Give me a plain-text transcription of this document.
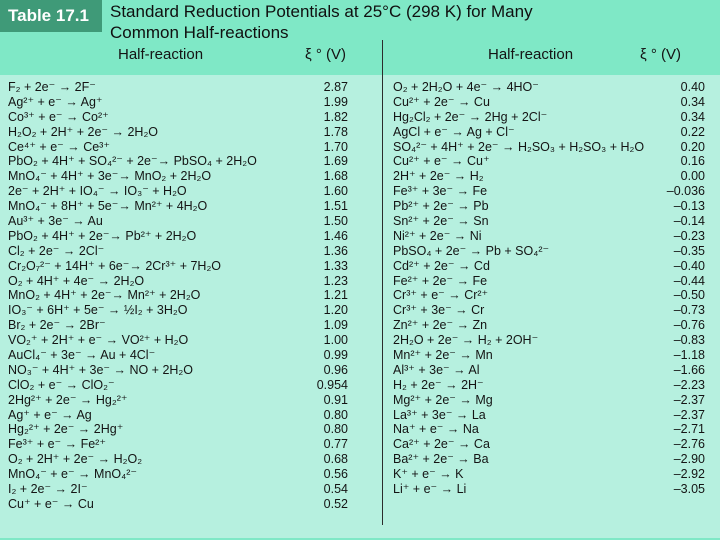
Table 17.1	Standard Reduction Potentials at 25°C (298 K) for Many
Common Half-reactions
Half-reaction	ξ ° (V)	Half-reaction	ξ ° (V)
F₂ + 2e⁻ → 2F⁻	2.87
Ag²⁺ + e⁻ → Ag⁺	1.99
Co³⁺ + e⁻ → Co²⁺	1.82
H₂O₂ + 2H⁺ + 2e⁻ → 2H₂O	1.78
Ce⁴⁺ + e⁻ → Ce³⁺	1.70
PbO₂ + 4H⁺ + SO₄²⁻ + 2e⁻→ PbSO₄ + 2H₂O	1.69
MnO₄⁻ + 4H⁺ + 3e⁻→ MnO₂ + 2H₂O	1.68
2e⁻ + 2H⁺ + IO₄⁻ → IO₃⁻ + H₂O	1.60
MnO₄⁻ + 8H⁺ + 5e⁻→ Mn²⁺ + 4H₂O	1.51
Au³⁺ + 3e⁻ → Au	1.50
PbO₂ + 4H⁺ + 2e⁻→ Pb²⁺ + 2H₂O	1.46
Cl₂ + 2e⁻ → 2Cl⁻	1.36
Cr₂O₇²⁻ + 14H⁺ + 6e⁻→ 2Cr³⁺ + 7H₂O	1.33
O₂ + 4H⁺ + 4e⁻ → 2H₂O	1.23
MnO₂ + 4H⁺ + 2e⁻→ Mn²⁺ + 2H₂O	1.21
IO₃⁻ + 6H⁺ + 5e⁻ → ½I₂ + 3H₂O	1.20
Br₂ + 2e⁻ → 2Br⁻	1.09
VO₂⁺ + 2H⁺ + e⁻ → VO²⁺ + H₂O	1.00
AuCl₄⁻ + 3e⁻ → Au + 4Cl⁻	0.99
NO₃⁻ + 4H⁺ + 3e⁻ → NO + 2H₂O	0.96
ClO₂ + e⁻ → ClO₂⁻	0.954
2Hg²⁺ + 2e⁻ → Hg₂²⁺	0.91
Ag⁺ + e⁻ → Ag	0.80
Hg₂²⁺ + 2e⁻ → 2Hg⁺	0.80
Fe³⁺ + e⁻ → Fe²⁺	0.77
O₂ + 2H⁺ + 2e⁻ → H₂O₂	0.68
MnO₄⁻ + e⁻ → MnO₄²⁻	0.56
I₂ + 2e⁻ → 2I⁻	0.54
Cu⁺ + e⁻ → Cu	0.52
O₂ + 2H₂O + 4e⁻ → 4HO⁻	0.40
Cu²⁺ + 2e⁻ → Cu	0.34
Hg₂Cl₂ + 2e⁻ → 2Hg + 2Cl⁻	0.34
AgCl + e⁻ → Ag + Cl⁻	0.22
SO₄²⁻ + 4H⁺ + 2e⁻ → H₂SO₃ + H₂SO₃ + H₂O	0.20
Cu²⁺ + e⁻ → Cu⁺	0.16
2H⁺ + 2e⁻ → H₂	0.00
Fe³⁺ + 3e⁻ → Fe	–0.036
Pb²⁺ + 2e⁻ → Pb	–0.13
Sn²⁺ + 2e⁻ → Sn	–0.14
Ni²⁺ + 2e⁻ → Ni	–0.23
PbSO₄ + 2e⁻ → Pb + SO₄²⁻	–0.35
Cd²⁺ + 2e⁻ → Cd	–0.40
Fe²⁺ + 2e⁻ → Fe	–0.44
Cr³⁺ + e⁻ → Cr²⁺	–0.50
Cr³⁺ + 3e⁻ → Cr	–0.73
Zn²⁺ + 2e⁻ → Zn	–0.76
2H₂O + 2e⁻ → H₂ + 2OH⁻	–0.83
Mn²⁺ + 2e⁻ → Mn	–1.18
Al³⁺ + 3e⁻ → Al	–1.66
H₂ + 2e⁻ → 2H⁻	–2.23
Mg²⁺ + 2e⁻ → Mg	–2.37
La³⁺ + 3e⁻ → La	–2.37
Na⁺ + e⁻ → Na	–2.71
Ca²⁺ + 2e⁻ → Ca	–2.76
Ba²⁺ + 2e⁻ → Ba	–2.90
K⁺ + e⁻ → K	–2.92
Li⁺ + e⁻ → Li	–3.05
